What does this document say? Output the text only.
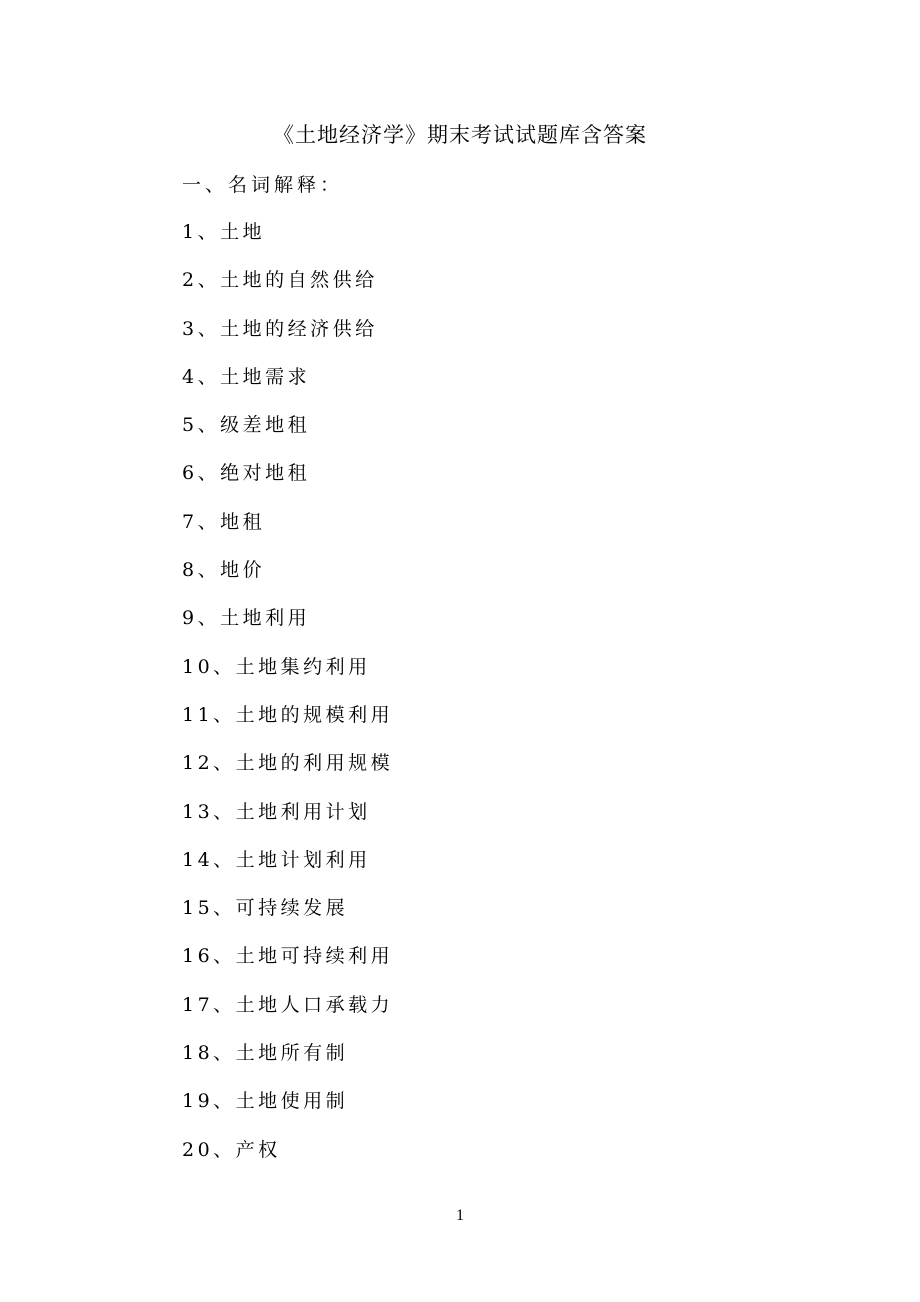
《土地经济学》期末考试试题库含答案
一、名词解释：
1、土地
2、土地的自然供给
3、土地的经济供给
4、土地需求
5、级差地租
6、绝对地租
7、地租
8、地价
9、土地利用
10、土地集约利用
11、土地的规模利用
12、土地的利用规模
13、土地利用计划
14、土地计划利用
15、可持续发展
16、土地可持续利用
17、土地人口承载力
18、土地所有制
19、土地使用制
20、产权
1
